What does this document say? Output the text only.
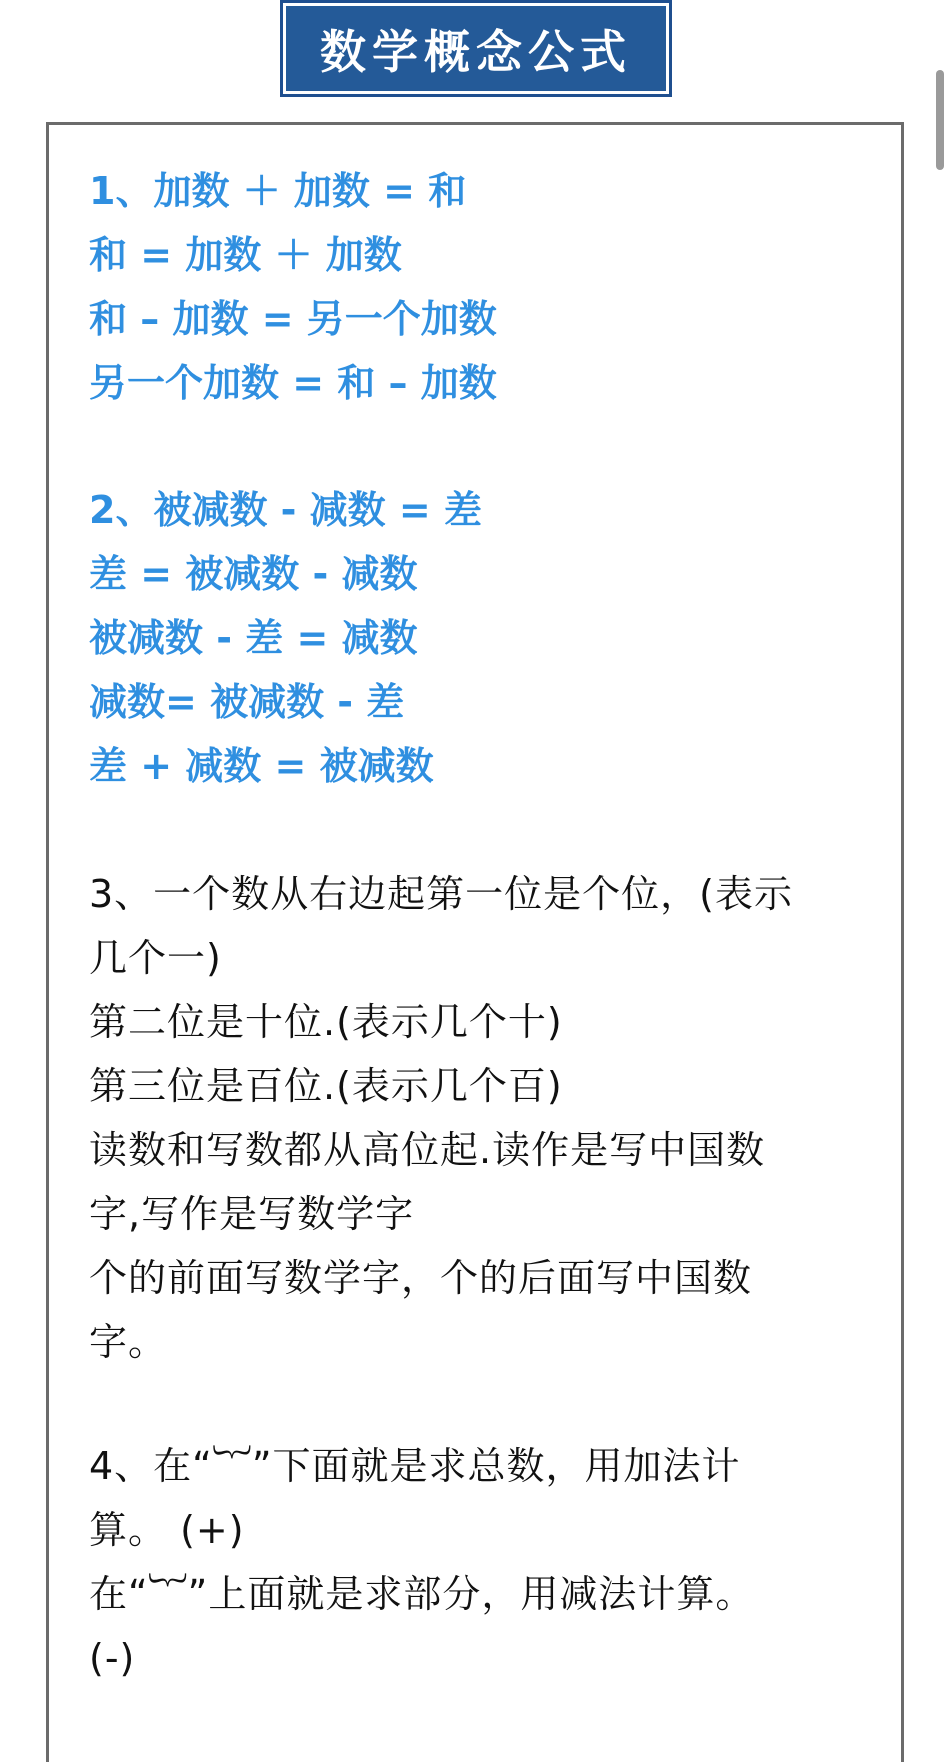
数学概念公式
1、加数 ＋ 加数 = 和
和 = 加数 ＋ 加数
和 – 加数 = 另一个加数
另一个加数 = 和 – 加数
2、被减数 - 减数 = 差
差 = 被减数 - 减数
被减数 - 差 = 减数
减数= 被减数 - 差
差 + 减数 = 被减数
3、一个数从右边起第一位是个位，(表示
几个一)
第二位是十位.(表示几个十)
第三位是百位.(表示几个百)
读数和写数都从高位起.读作是写中国数
字,写作是写数学字
个的前面写数学字，个的后面写中国数
字。
4、在“︸”下面就是求总数，用加法计
算。 (+)
在“︸”上面就是求部分，用减法计算。
(-)
